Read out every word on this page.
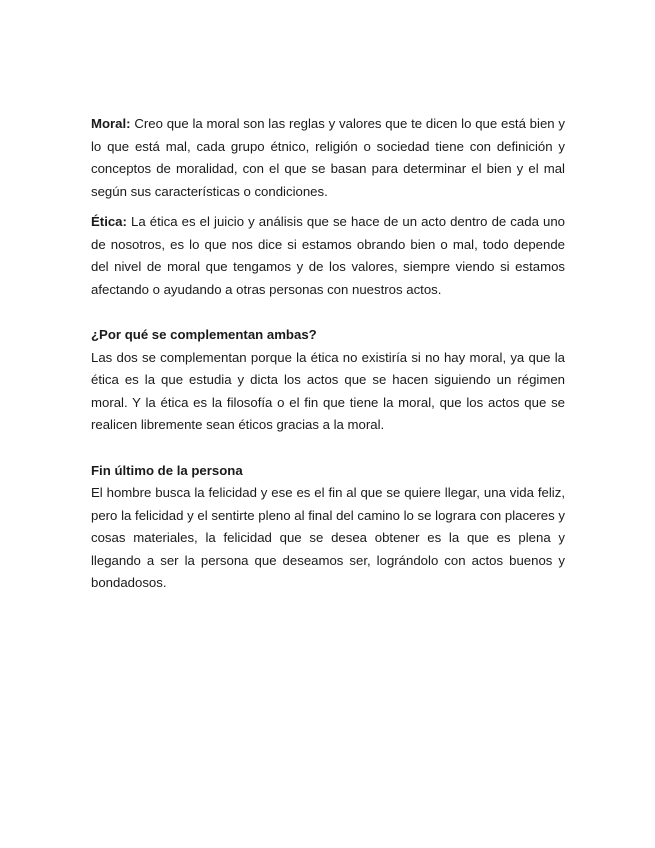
Moral: Creo que la moral son las reglas y valores que te dicen lo que está bien y lo que está mal, cada grupo étnico, religión o sociedad tiene con definición y conceptos de moralidad, con el que se basan para determinar el bien y el mal según sus características o condiciones.

Ética: La ética es el juicio y análisis que se hace de un acto dentro de cada uno de nosotros, es lo que nos dice si estamos obrando bien o mal, todo depende del nivel de moral que tengamos y de los valores, siempre viendo si estamos afectando o ayudando a otras personas con nuestros actos.

¿Por qué se complementan ambas?

Las dos se complementan porque la ética no existiría si no hay moral, ya que la ética es la que estudia y dicta los actos que se hacen siguiendo un régimen moral. Y la ética es la filosofía o el fin que tiene la moral, que los actos que se realicen libremente sean éticos gracias a la moral.

Fin último de la persona

El hombre busca la felicidad y ese es el fin al que se quiere llegar, una vida feliz, pero la felicidad y el sentirte pleno al final del camino lo se lograra con placeres y cosas materiales, la felicidad que se desea obtener es la que es plena y llegando a ser la persona que deseamos ser, lográndolo con actos buenos y bondadosos.
